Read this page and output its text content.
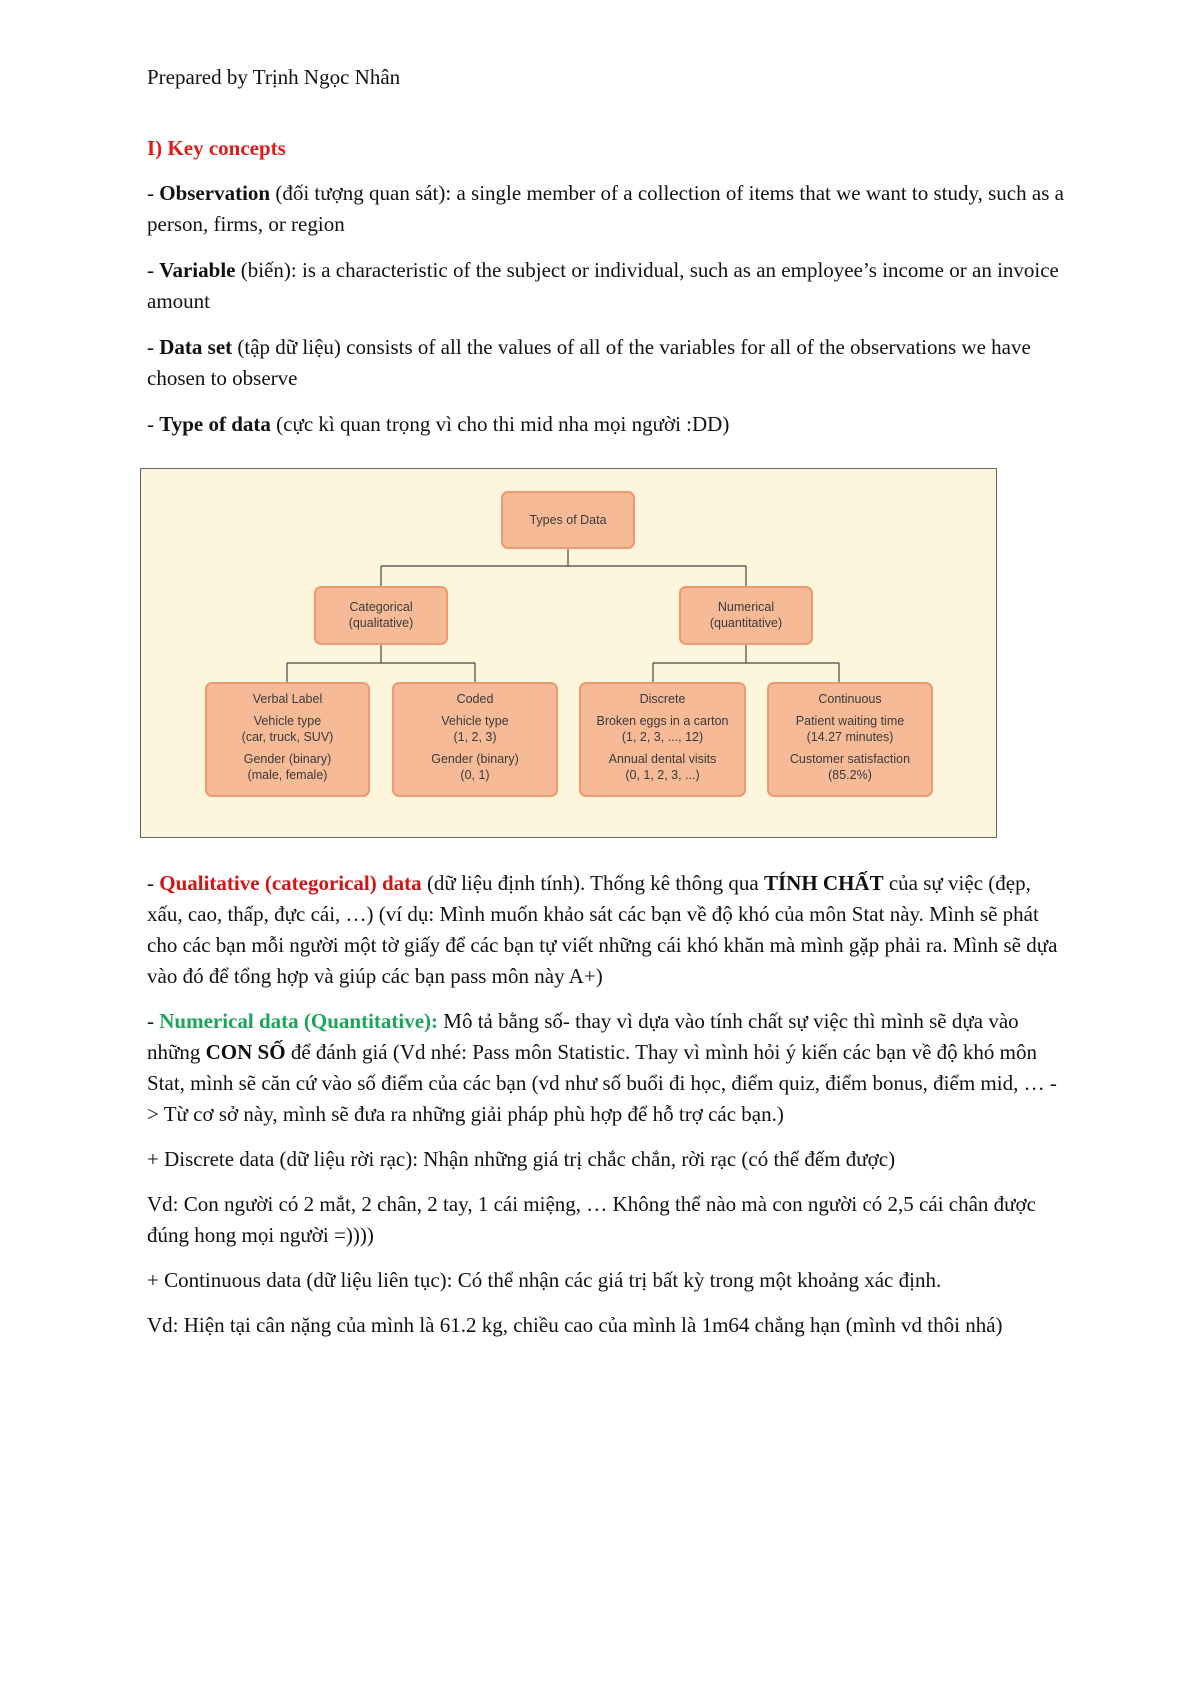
Prepared by Trịnh Ngọc Nhân

I) Key concepts

- Observation (đối tượng quan sát): a single member of a collection of items that we want to study, such as a person, firms, or region

- Variable (biến): is a characteristic of the subject or individual, such as an employee’s income or an invoice amount

- Data set (tập dữ liệu) consists of all the values of all of the variables for all of the observations we have chosen to observe

- Type of data (cực kì quan trọng vì cho thi mid nha mọi người :DD)

Types of Data
Categorical
(qualitative)
Numerical
(quantitative)
Verbal Label
Vehicle type
(car, truck, SUV)
Gender (binary)
(male, female)
Coded
Vehicle type
(1, 2, 3)
Gender (binary)
(0, 1)
Discrete
Broken eggs in a carton
(1, 2, 3, ..., 12)
Annual dental visits
(0, 1, 2, 3, ...)
Continuous
Patient waiting time
(14.27 minutes)
Customer satisfaction
(85.2%)

- Qualitative (categorical) data (dữ liệu định tính). Thống kê thông qua TÍNH CHẤT của sự việc (đẹp, xấu, cao, thấp, đực cái, …) (ví dụ: Mình muốn khảo sát các bạn về độ khó của môn Stat này. Mình sẽ phát cho các bạn mỗi người một tờ giấy để các bạn tự viết những cái khó khăn mà mình gặp phải ra. Mình sẽ dựa vào đó để tổng hợp và giúp các bạn pass môn này A+)

- Numerical data (Quantitative): Mô tả bằng số- thay vì dựa vào tính chất sự việc thì mình sẽ dựa vào những CON SỐ để đánh giá (Vd nhé: Pass môn Statistic. Thay vì mình hỏi ý kiến các bạn về độ khó môn Stat, mình sẽ căn cứ vào số điểm của các bạn (vd như số buổi đi học, điểm quiz, điểm bonus, điểm mid, … -> Từ cơ sở này, mình sẽ đưa ra những giải pháp phù hợp để hỗ trợ các bạn.)

+ Discrete data (dữ liệu rời rạc): Nhận những giá trị chắc chắn, rời rạc (có thể đếm được)

Vd: Con người có 2 mắt, 2 chân, 2 tay, 1 cái miệng, … Không thể nào mà con người có 2,5 cái chân được đúng hong mọi người =))))

+ Continuous data (dữ liệu liên tục): Có thể nhận các giá trị bất kỳ trong một khoảng xác định.

Vd: Hiện tại cân nặng của mình là 61.2 kg, chiều cao của mình là 1m64 chẳng hạn (mình vd thôi nhá)
